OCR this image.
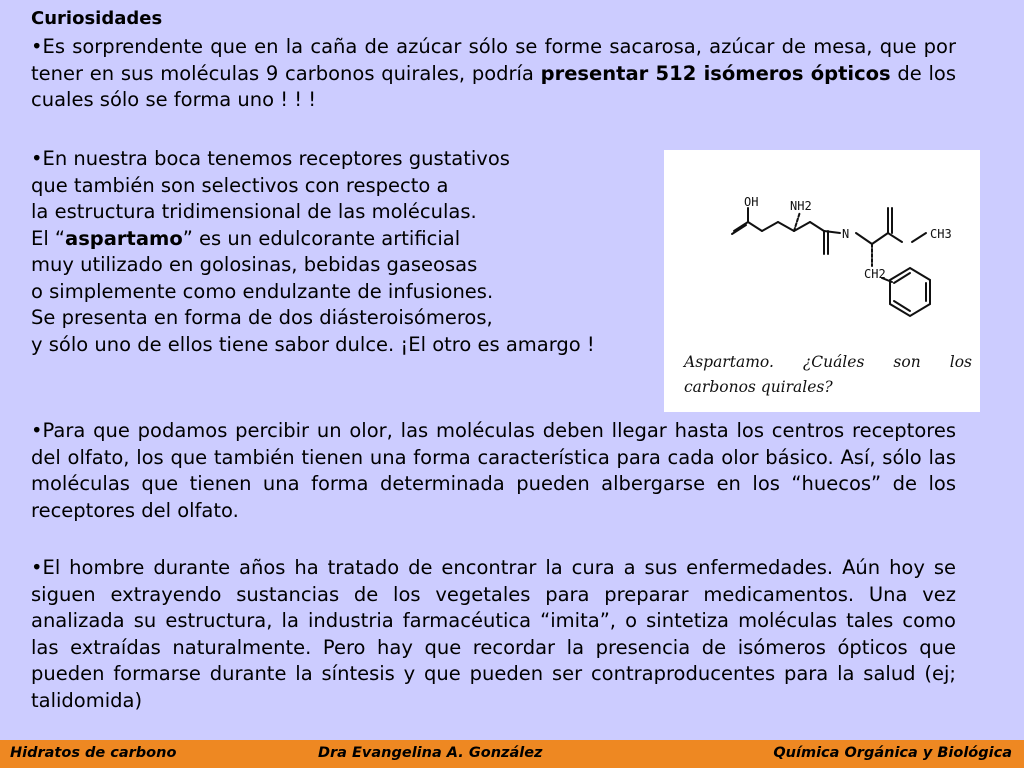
Curiosidades
•Es sorprendente que en la caña de azúcar sólo se forme sacarosa, azúcar de mesa, que por tener en sus moléculas 9 carbonos quirales, podría presentar 512 isómeros ópticos de los cuales sólo se forma uno ! ! !
•En nuestra boca tenemos receptores gustativos
que también son selectivos con respecto a
la estructura tridimensional de las moléculas.
El “aspartamo” es un edulcorante artificial
muy utilizado en golosinas, bebidas gaseosas
o simplemente como endulzante de infusiones.
Se presenta en forma de dos diásteroisómeros,
y sólo uno de ellos tiene sabor dulce. ¡El otro es amargo !
OH	NH2
N	CH3
CH2
Aspartamo. ¿Cuáles son los
carbonos quirales?
•Para que podamos percibir un olor, las moléculas deben llegar hasta los centros receptores del olfato, los que también tienen una forma característica para cada olor básico. Así, sólo las moléculas que tienen una forma determinada pueden albergarse en los “huecos” de los receptores del olfato.
•El hombre durante años ha tratado de encontrar la cura a sus enfermedades. Aún hoy se siguen extrayendo sustancias de los vegetales para preparar medicamentos. Una vez analizada su estructura, la industria farmacéutica “imita”, o sintetiza moléculas tales como las extraídas naturalmente. Pero hay que recordar la presencia de isómeros ópticos que pueden formarse durante la síntesis y que pueden ser contraproducentes para la salud (ej; talidomida)
Hidratos de carbono	Dra Evangelina A. González	Química Orgánica y Biológica
